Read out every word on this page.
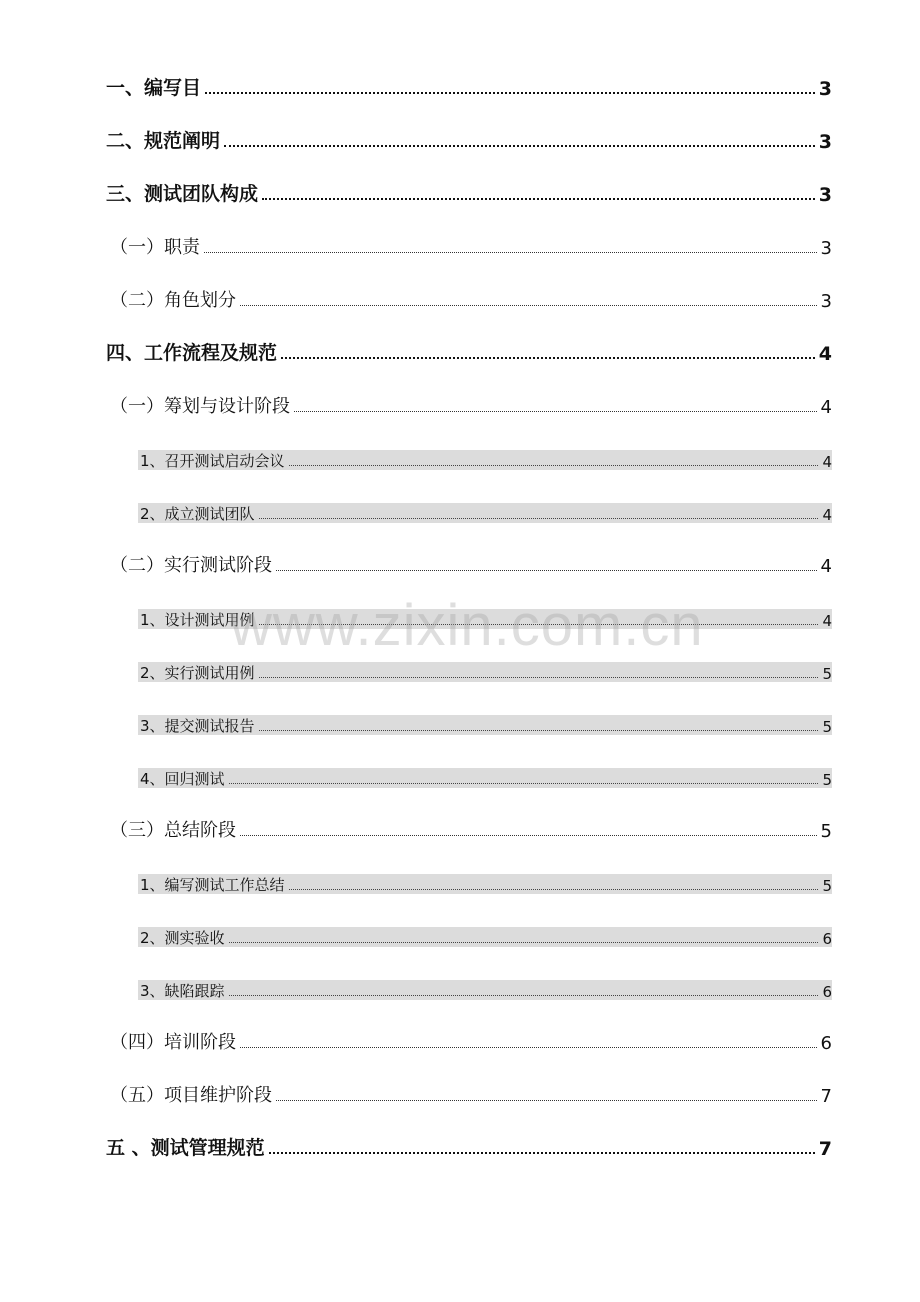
一、编写目	3
二、规范阐明	3
三、测试团队构成	3
（一）职责	3
（二）角色划分	3
四、工作流程及规范	4
（一）筹划与设计阶段	4
1、召开测试启动会议	4
2、成立测试团队	4
（二）实行测试阶段	4
1、设计测试用例	4
2、实行测试用例	5
3、提交测试报告	5
4、回归测试	5
（三）总结阶段	5
1、编写测试工作总结	5
2、测实验收	6
3、缺陷跟踪	6
（四）培训阶段	6
（五）项目维护阶段	7
五 、测试管理规范	7
www.zixin.com.cn
